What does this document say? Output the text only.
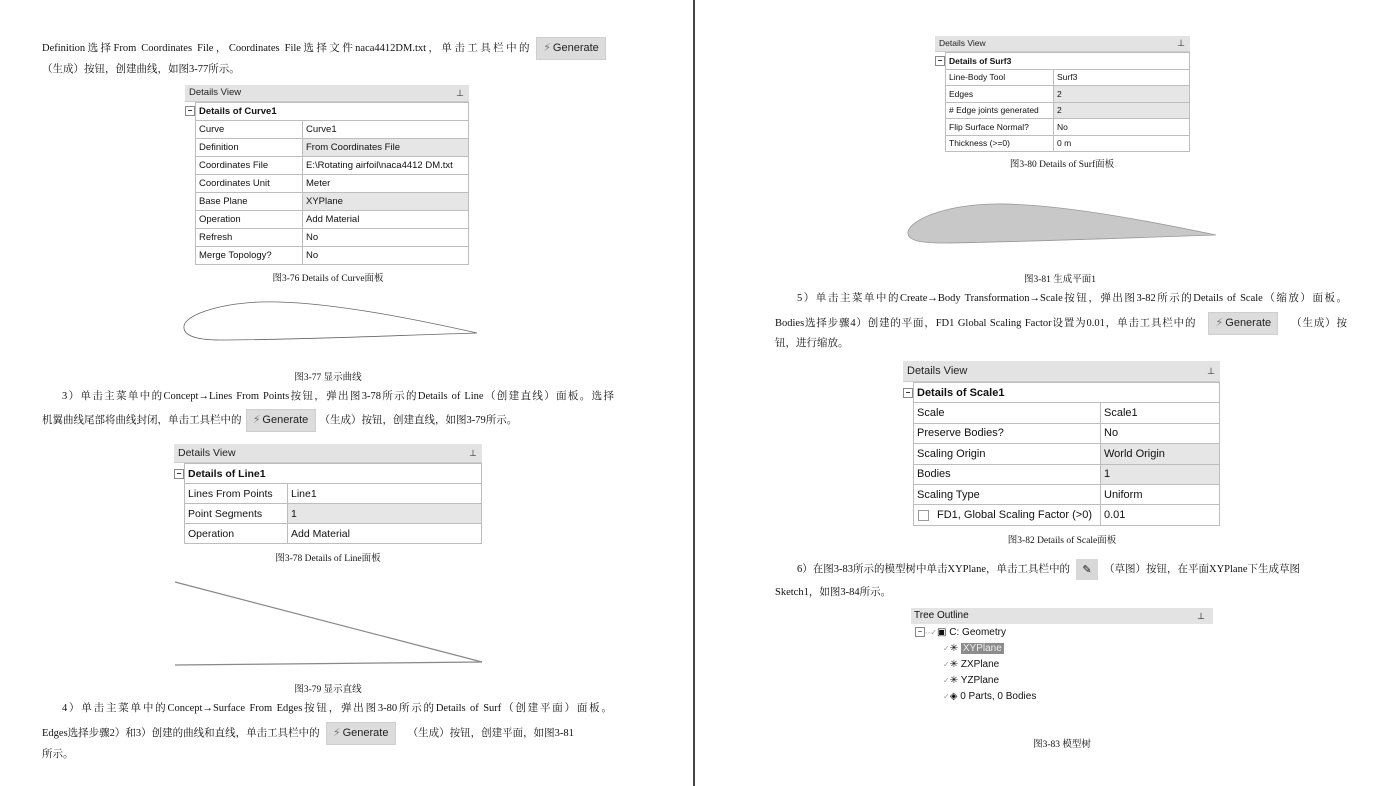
Definition选择From Coordinates File，Coordinates File选择文件naca4412DM.txt，单击工具栏中的 ⚡ Generate
（生成）按钮，创建曲线，如图3-77所示。
Details View	⊥
−	Details of Curve1	
	Curve	Curve1
	Definition	From Coordinates File
	Coordinates File	E:\Rotating airfoil\naca4412 DM.txt
	Coordinates Unit	Meter
	Base Plane	XYPlane
	Operation	Add Material
	Refresh	No
	Merge Topology?	No
图3-76 Details of Curve面板
图3-77 显示曲线
3）单击主菜单中的Concept→Lines From Points按钮，弹出图3-78所示的Details of Line（创建直线）面板。选择
机翼曲线尾部将曲线封闭，单击工具栏中的 ⚡ Generate （生成）按钮，创建直线，如图3-79所示。
Details View	⊥
−	Details of Line1	
	Lines From Points	Line1
	Point Segments	1
	Operation	Add Material
图3-78 Details of Line面板
图3-79 显示直线
4）单击主菜单中的Concept→Surface From Edges按钮，弹出图3-80所示的Details of Surf（创建平面）面板。
Edges选择步骤2）和3）创建的曲线和直线，单击工具栏中的 ⚡ Generate （生成）按钮，创建平面，如图3-81
所示。
Details View	⊥
−	Details of Surf3	
	Line-Body Tool	Surf3
	Edges	2
	# Edge joints generated	2
	Flip Surface Normal?	No
	Thickness (>=0)	0 m
图3-80 Details of Surf面板
图3-81 生成平面1
5）单击主菜单中的Create→Body Transformation→Scale按钮，弹出图3-82所示的Details of Scale（缩放）面板。
Bodies选择步骤4）创建的平面，FD1 Global Scaling Factor设置为0.01，单击工具栏中的 ⚡ Generate （生成）按
钮，进行缩放。
Details View	⊥
−	Details of Scale1	
	Scale	Scale1
	Preserve Bodies?	No
	Scaling Origin	World Origin
	Bodies	1
	Scaling Type	Uniform
	FD1, Global Scaling Factor (>0)	0.01
图3-82 Details of Scale面板
6）在图3-83所示的模型树中单击XYPlane，单击工具栏中的 ✎ （草图）按钮，在平面XYPlane下生成草图
Sketch1，如图3-84所示。
Tree Outline	⊥
− ··✓▣ C: Geometry
✓✳ XYPlane
✓✳ ZXPlane
✓✳ YZPlane
✓◈ 0 Parts, 0 Bodies
图3-83 模型树
